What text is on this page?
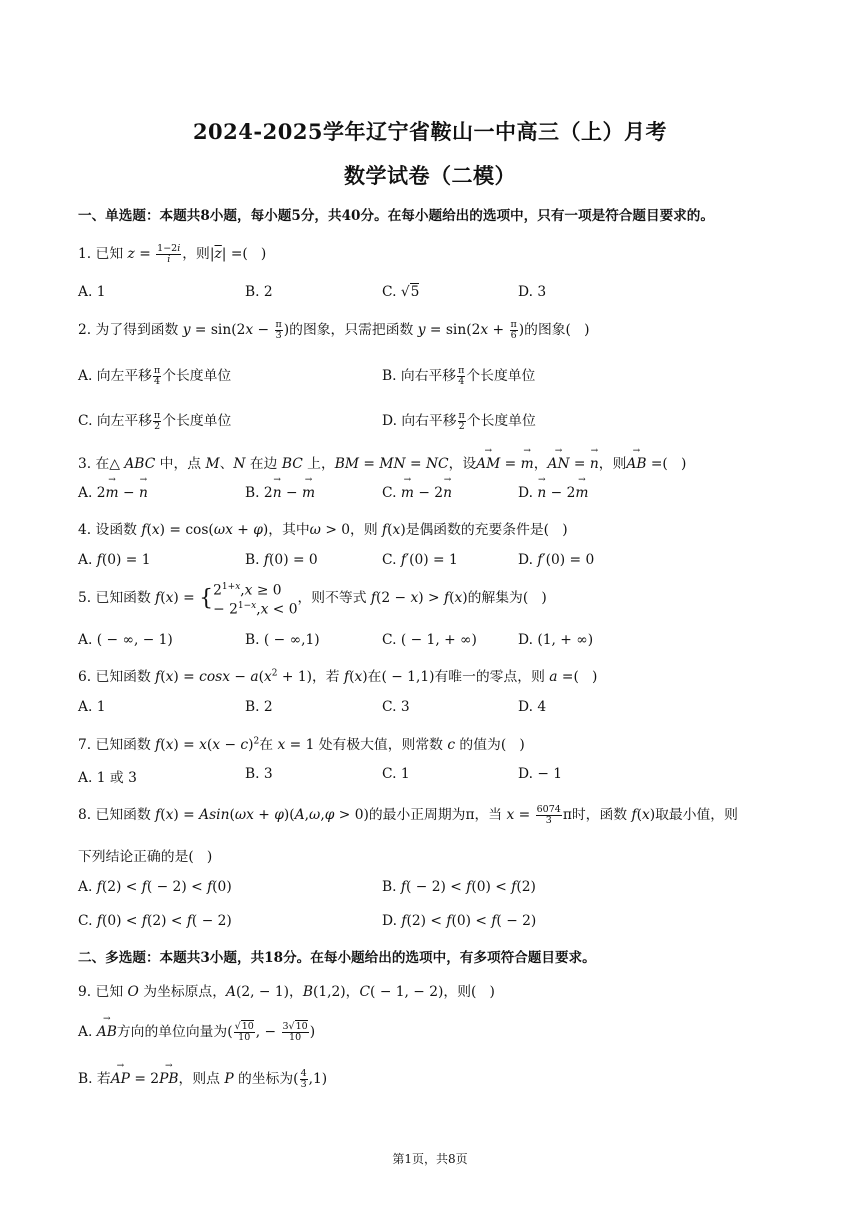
2024-2025学年辽宁省鞍山一中高三（上）月考
数学试卷（二模）
一、单选题：本题共8小题，每小题5分，共40分。在每小题给出的选项中，只有一项是符合题目要求的。
1. 已知 $z = \frac{1-2i}{i}$ ，则$|\overline{z}|$ =(   )
A. 1	B. 2	C. √5	D. 3
2. 为了得到函数 $y = \sin(2x - \frac{\pi}{3}$ )的图象，只需把函数 $y = \sin(2x + \frac{\pi}{6}$ )的图象(   )
A. 向左平移 $\frac{\pi}{4}$ 个长度单位	B. 向右平移 $\frac{\pi}{4}$ 个长度单位
C. 向左平移 $\frac{\pi}{2}$ 个长度单位	D. 向右平移 $\frac{\pi}{2}$ 个长度单位
3. 在△ ABC 中，点 M、N 在边 BC 上，BM = MN = NC，设→ AM = → m，→ AN = → n，则→ AB =(   )
A. 2→ m − → n	B. 2→ n − → m	C. → m − 2→ n	D. → n − 2→ m
4. 设函数 f(x) = cos(ωx + φ)，其中ω > 0，则 f(x)是偶函数的充要条件是(   )
A. f(0) = 1	B. f(0) = 0	C. f′(0) = 1	D. f′(0) = 0
5. 已知函数 $f(x) = \{2^{1+x},x \ge 0$
− $2^{1-x},x < 0$，则不等式 f(2 − x) > f(x)的解集为(   )
A. ( − ∞, − 1)	B. ( − ∞,1)	C. ( − 1, + ∞)	D. (1, + ∞)
6. 已知函数 $f(x) = \cos x - a(x^2 + 1)$，若 f(x)在( − 1,1)有唯一的零点，则 a =(   )
A. 1	B. 2	C. 3	D. 4
7. 已知函数 $f(x) = x(x - c)^2$在 x = 1 处有极大值，则常数 c 的值为(   )
A. 1 或 3	B. 3	C. 1	D. − 1
8. 已知函数 f(x) = Asin(ωx + φ)(A,ω,φ > 0)的最小正周期为π，当 $x = \frac{6074}{3}$ π时，函数 f(x)取最小值，则
下列结论正确的是(   )
A. f(2) < f( − 2) < f(0)	B. f( − 2) < f(0) < f(2)
C. f(0) < f(2) < f( − 2)	D. f(2) < f(0) < f( − 2)
二、多选题：本题共3小题，共18分。在每小题给出的选项中，有多项符合题目要求。
9. 已知 O 为坐标原点，A(2, − 1)，B(1,2)，C( − 1, − 2)，则(   )
A. → AB方向的单位向量为( $\frac{√10}{10}$ , − $\frac{3√10}{10}$ )
B. 若→ AP = 2→ PB，则点 P 的坐标为( $\frac{4}{3} ,1$)
第1页，共8页
